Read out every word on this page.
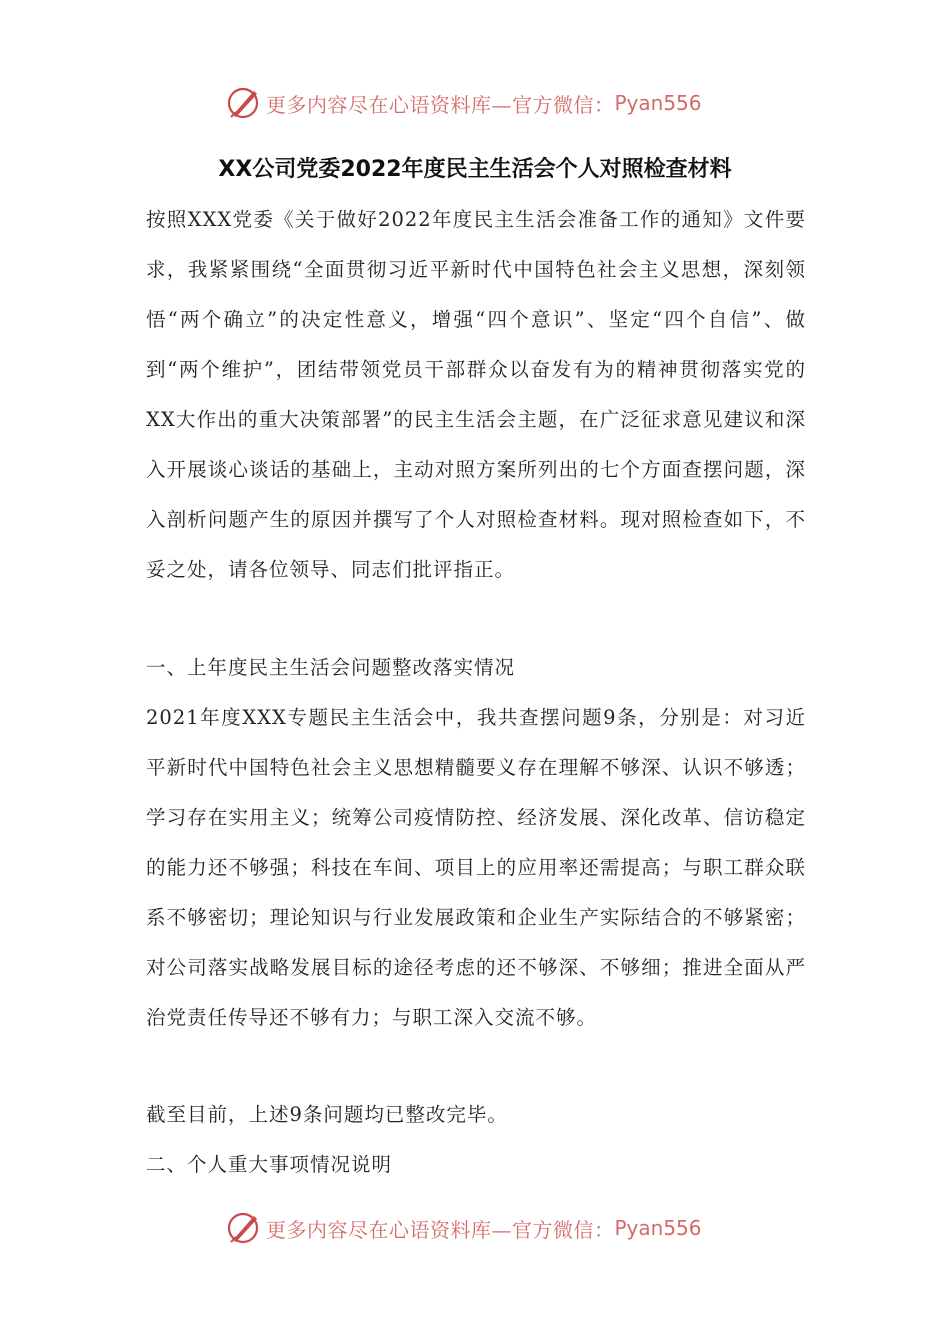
更多内容尽在心语资料库—官方微信： Pyan556
XX公司党委2022年度民主生活会个人对照检查材料

按照XXX党委《关于做好2022年度民主生活会准备工作的通知》文件要求，我紧紧围绕“全面贯彻习近平新时代中国特色社会主义思想，深刻领悟“两个确立”的决定性意义，增强“四个意识”、坚定“四个自信”、做到“两个维护”，团结带领党员干部群众以奋发有为的精神贯彻落实党的XX大作出的重大决策部署”的民主生活会主题，在广泛征求意见建议和深入开展谈心谈话的基础上，主动对照方案所列出的七个方面查摆问题，深入剖析问题产生的原因并撰写了个人对照检查材料。现对照检查如下，不妥之处，请各位领导、同志们批评指正。

一、上年度民主生活会问题整改落实情况

2021年度XXX专题民主生活会中，我共查摆问题9条，分别是：对习近平新时代中国特色社会主义思想精髓要义存在理解不够深、认识不够透；学习存在实用主义；统筹公司疫情防控、经济发展、深化改革、信访稳定的能力还不够强；科技在车间、项目上的应用率还需提高；与职工群众联系不够密切；理论知识与行业发展政策和企业生产实际结合的不够紧密；对公司落实战略发展目标的途径考虑的还不够深、不够细；推进全面从严治党责任传导还不够有力；与职工深入交流不够。

截至目前，上述9条问题均已整改完毕。

二、个人重大事项情况说明

更多内容尽在心语资料库—官方微信： Pyan556
